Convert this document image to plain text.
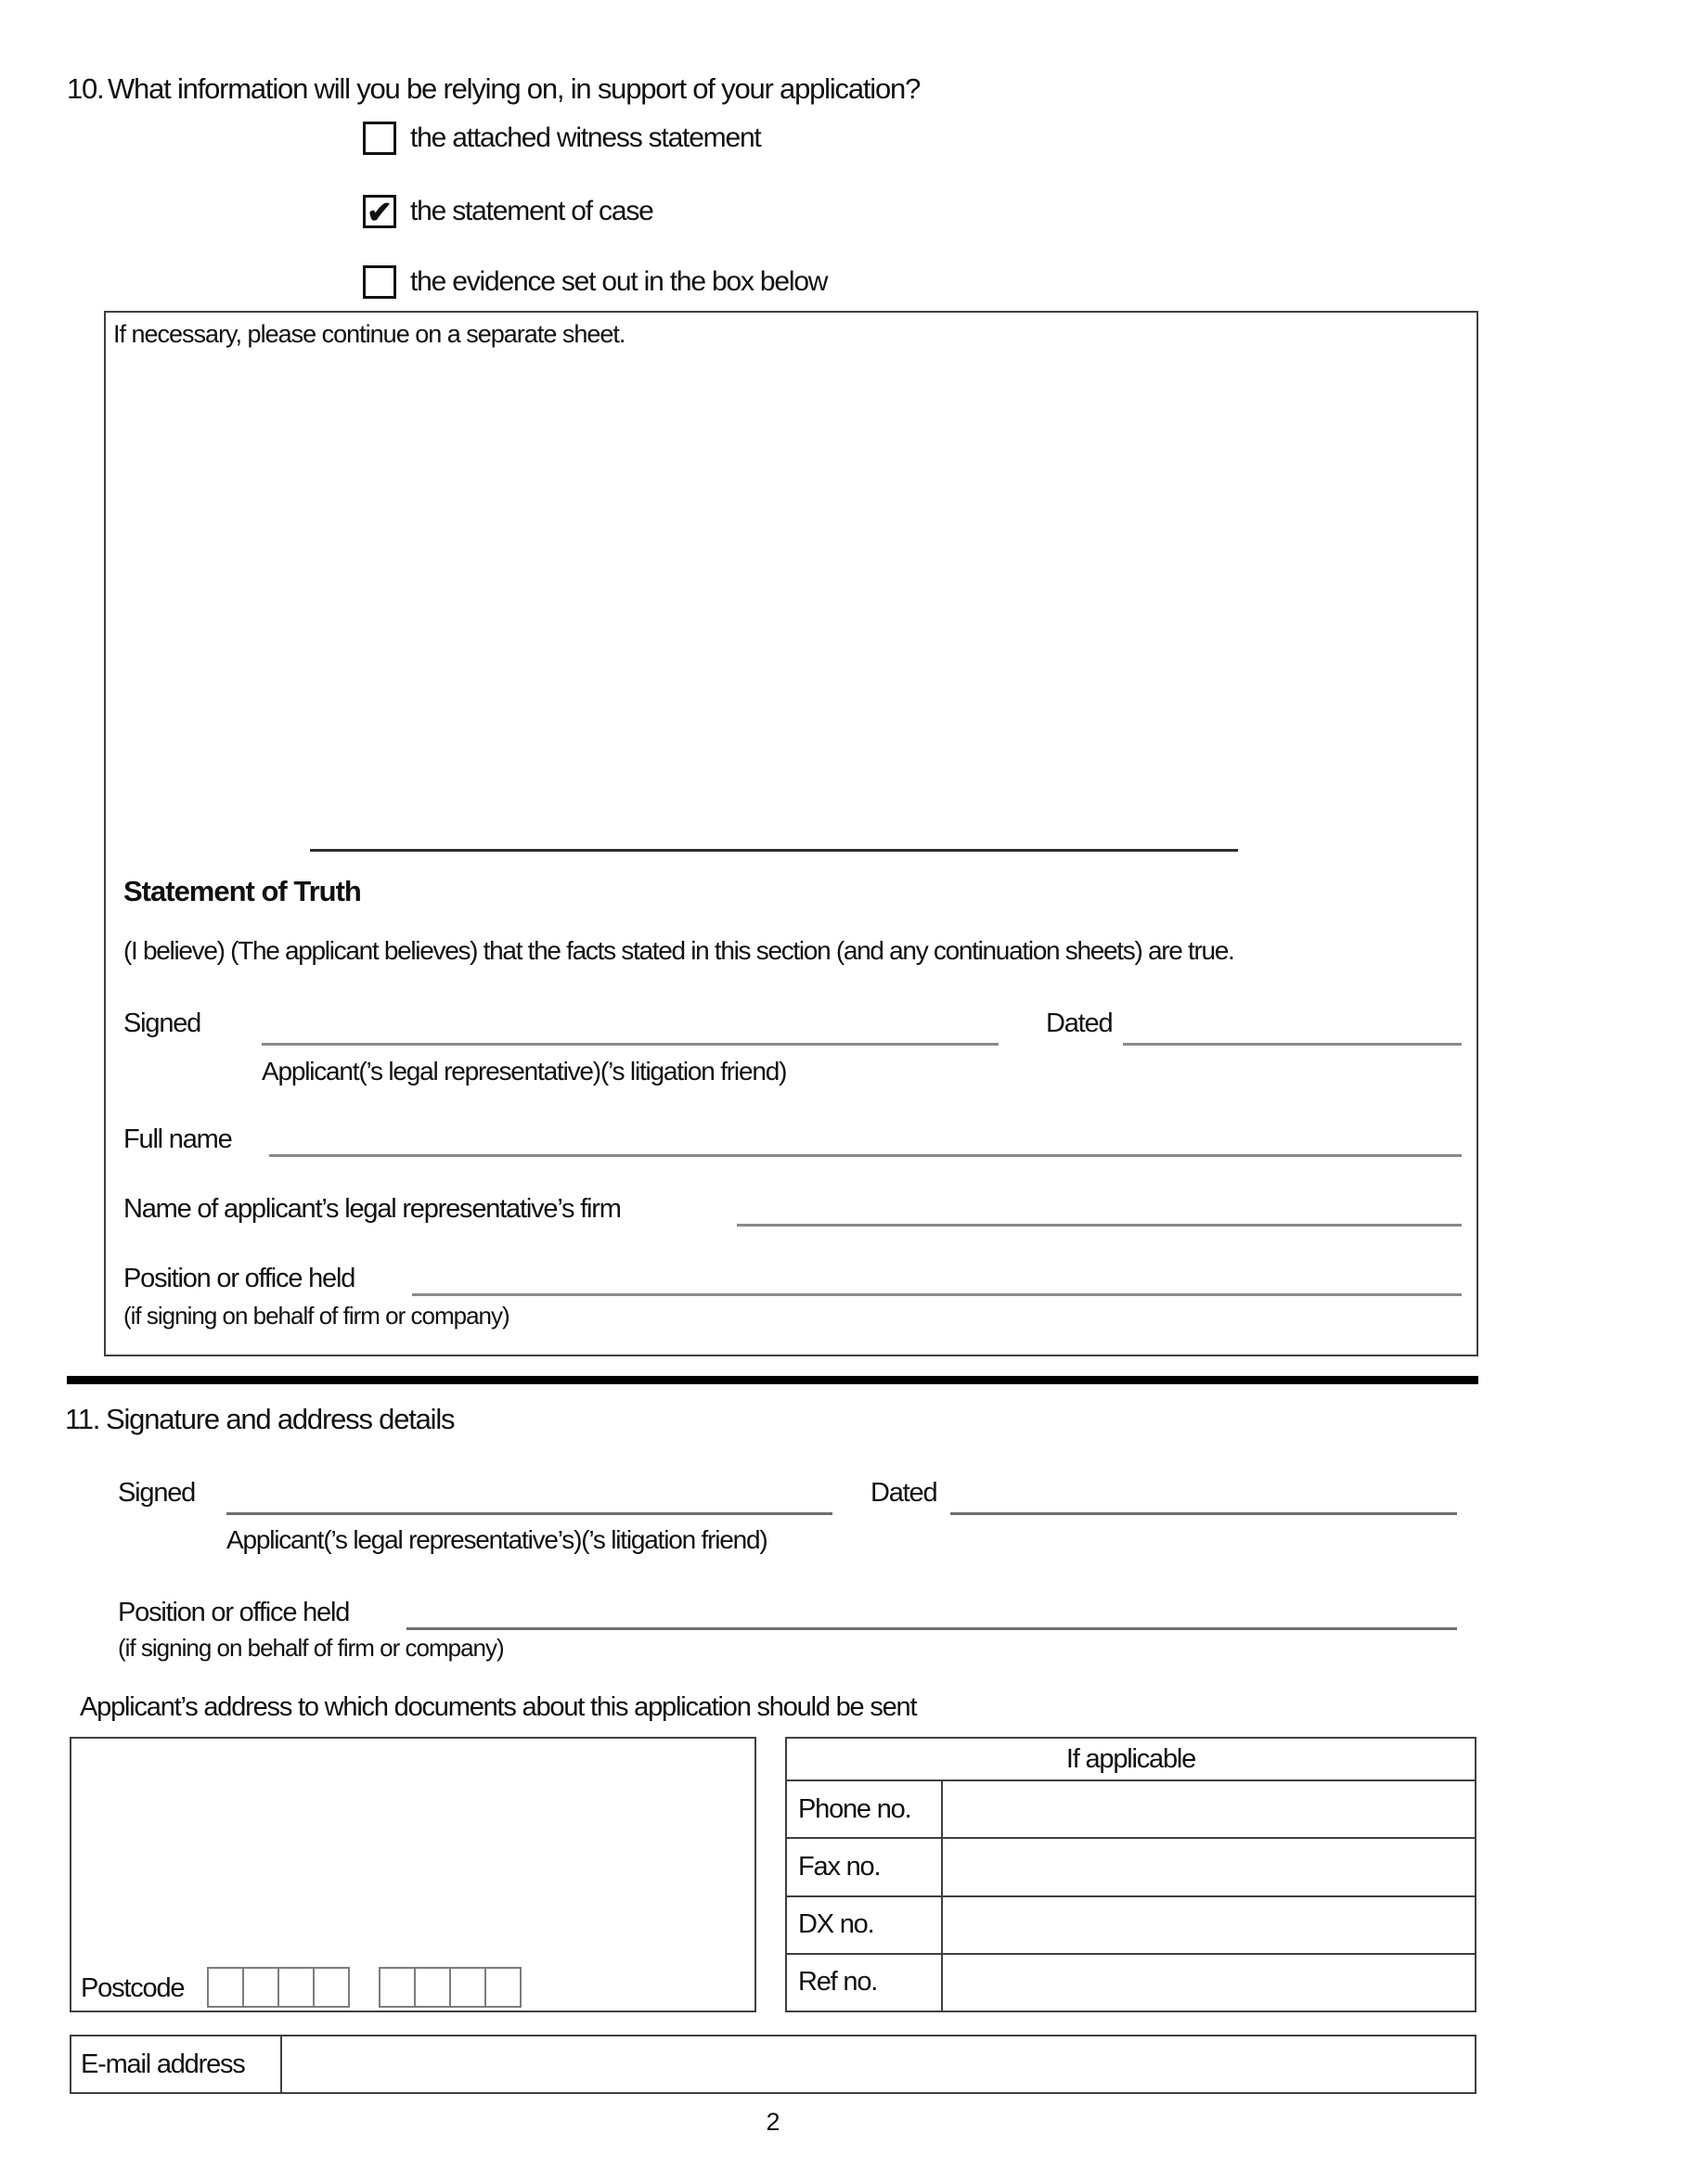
10. What information will you be relying on, in support of your application?
the attached witness statement
✔ the statement of case
the evidence set out in the box below
If necessary, please continue on a separate sheet.
Statement of Truth
(I believe) (The applicant believes) that the facts stated in this section (and any continuation sheets) are true.
Signed	Dated
Applicant(’s legal representative)(’s litigation friend)
Full name
Name of applicant’s legal representative’s firm
Position or office held
(if signing on behalf of firm or company)
11. Signature and address details
Signed	Dated
Applicant(’s legal representative’s)(’s litigation friend)
Position or office held
(if signing on behalf of firm or company)
Applicant’s address to which documents about this application should be sent
Postcode
If applicable
Phone no.
Fax no.
DX no.
Ref no.
E-mail address
2
